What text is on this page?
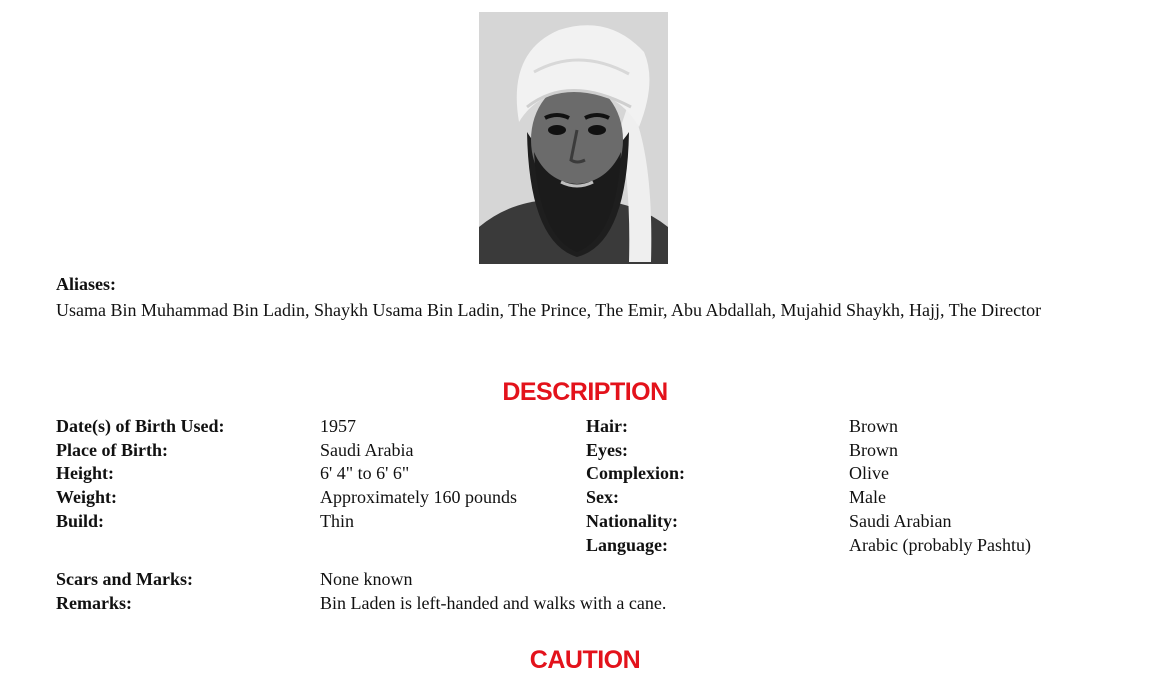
Aliases:
Usama Bin Muhammad Bin Ladin, Shaykh Usama Bin Ladin, The Prince, The Emir, Abu Abdallah, Mujahid Shaykh, Hajj, The Director
DESCRIPTION
Date(s) of Birth Used:	1957
Place of Birth:	Saudi Arabia
Height:	6' 4" to 6' 6"
Weight:	Approximately 160 pounds
Build:	Thin
Hair:	Brown
Eyes:	Brown
Complexion:	Olive
Sex:	Male
Nationality:	Saudi Arabian
Language:	Arabic (probably Pashtu)
Scars and Marks:	None known
Remarks:	Bin Laden is left-handed and walks with a cane.
CAUTION
